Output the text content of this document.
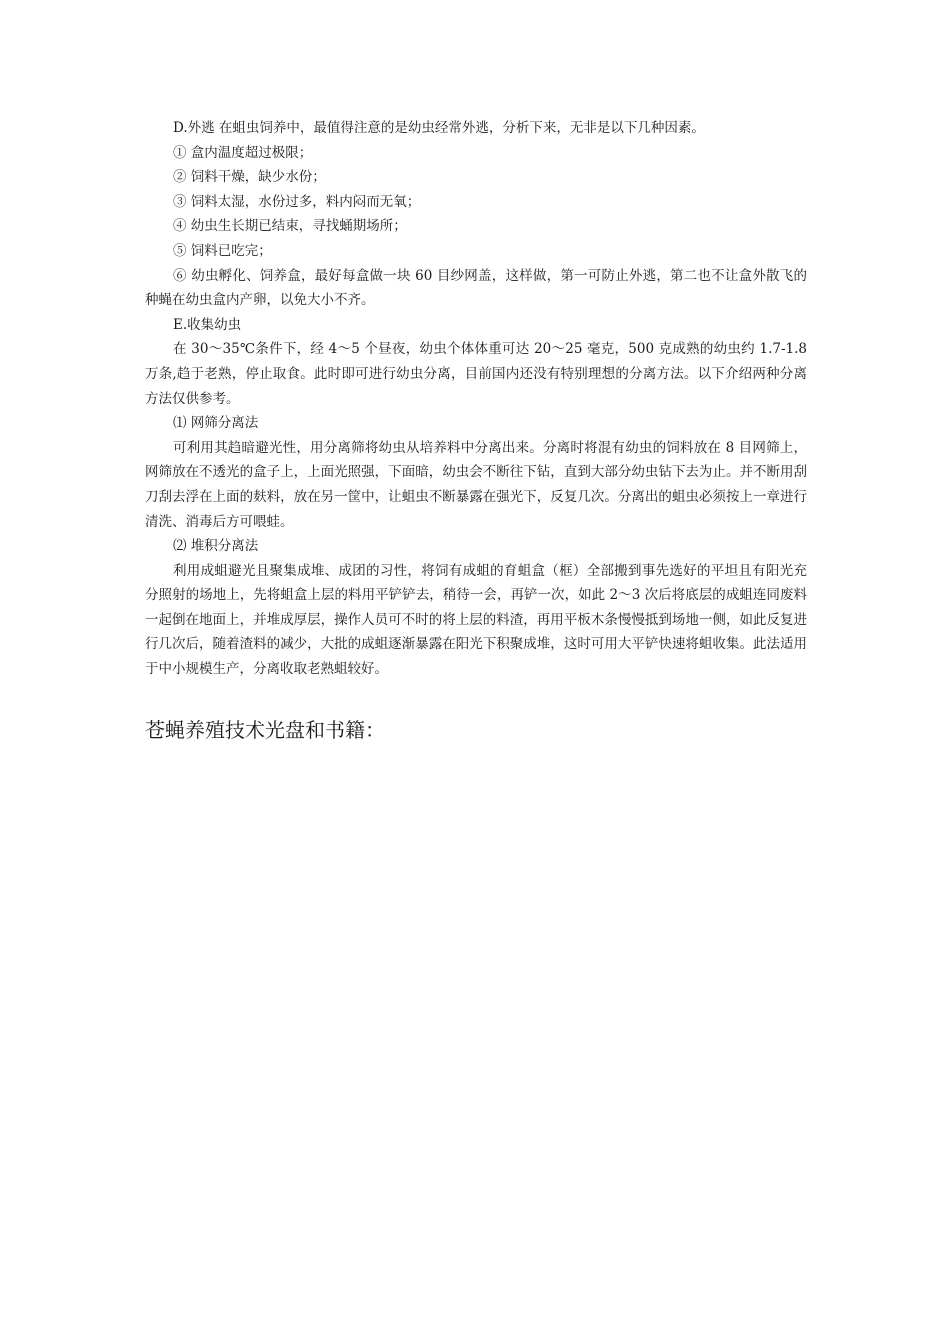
D.外逃 在蛆虫饲养中，最值得注意的是幼虫经常外逃，分析下来，无非是以下几种因素。

① 盒内温度超过极限；

② 饲料干燥，缺少水份；

③ 饲料太湿，水份过多，料内闷而无氧；

④ 幼虫生长期已结束，寻找蛹期场所；

⑤ 饲料已吃完；

⑥ 幼虫孵化、饲养盒，最好每盒做一块 60 目纱网盖，这样做，第一可防止外逃，第二也不让盒外散飞的种蝇在幼虫盒内产卵，以免大小不齐。

E.收集幼虫

在 30～35℃条件下，经 4～5 个昼夜，幼虫个体体重可达 20～25 毫克，500 克成熟的幼虫约 1.7-1.8 万条,趋于老熟，停止取食。此时即可进行幼虫分离，目前国内还没有特别理想的分离方法。以下介绍两种分离方法仅供参考。

⑴ 网筛分离法

可利用其趋暗避光性，用分离筛将幼虫从培养料中分离出来。分离时将混有幼虫的饲料放在 8 目网筛上，网筛放在不透光的盒子上，上面光照强，下面暗，幼虫会不断往下钻，直到大部分幼虫钻下去为止。并不断用刮刀刮去浮在上面的麸料，放在另一筐中，让蛆虫不断暴露在强光下，反复几次。分离出的蛆虫必须按上一章进行清洗、消毒后方可喂蛙。

⑵ 堆积分离法

利用成蛆避光且聚集成堆、成团的习性，将饲有成蛆的育蛆盒（框）全部搬到事先选好的平坦且有阳光充分照射的场地上，先将蛆盒上层的料用平铲铲去，稍待一会，再铲一次，如此 2～3 次后将底层的成蛆连同废料一起倒在地面上，并堆成厚层，操作人员可不时的将上层的料渣，再用平板木条慢慢抵到场地一侧，如此反复进行几次后，随着渣料的减少，大批的成蛆逐渐暴露在阳光下积聚成堆，这时可用大平铲快速将蛆收集。此法适用于中小规模生产，分离收取老熟蛆较好。

苍蝇养殖技术光盘和书籍：
